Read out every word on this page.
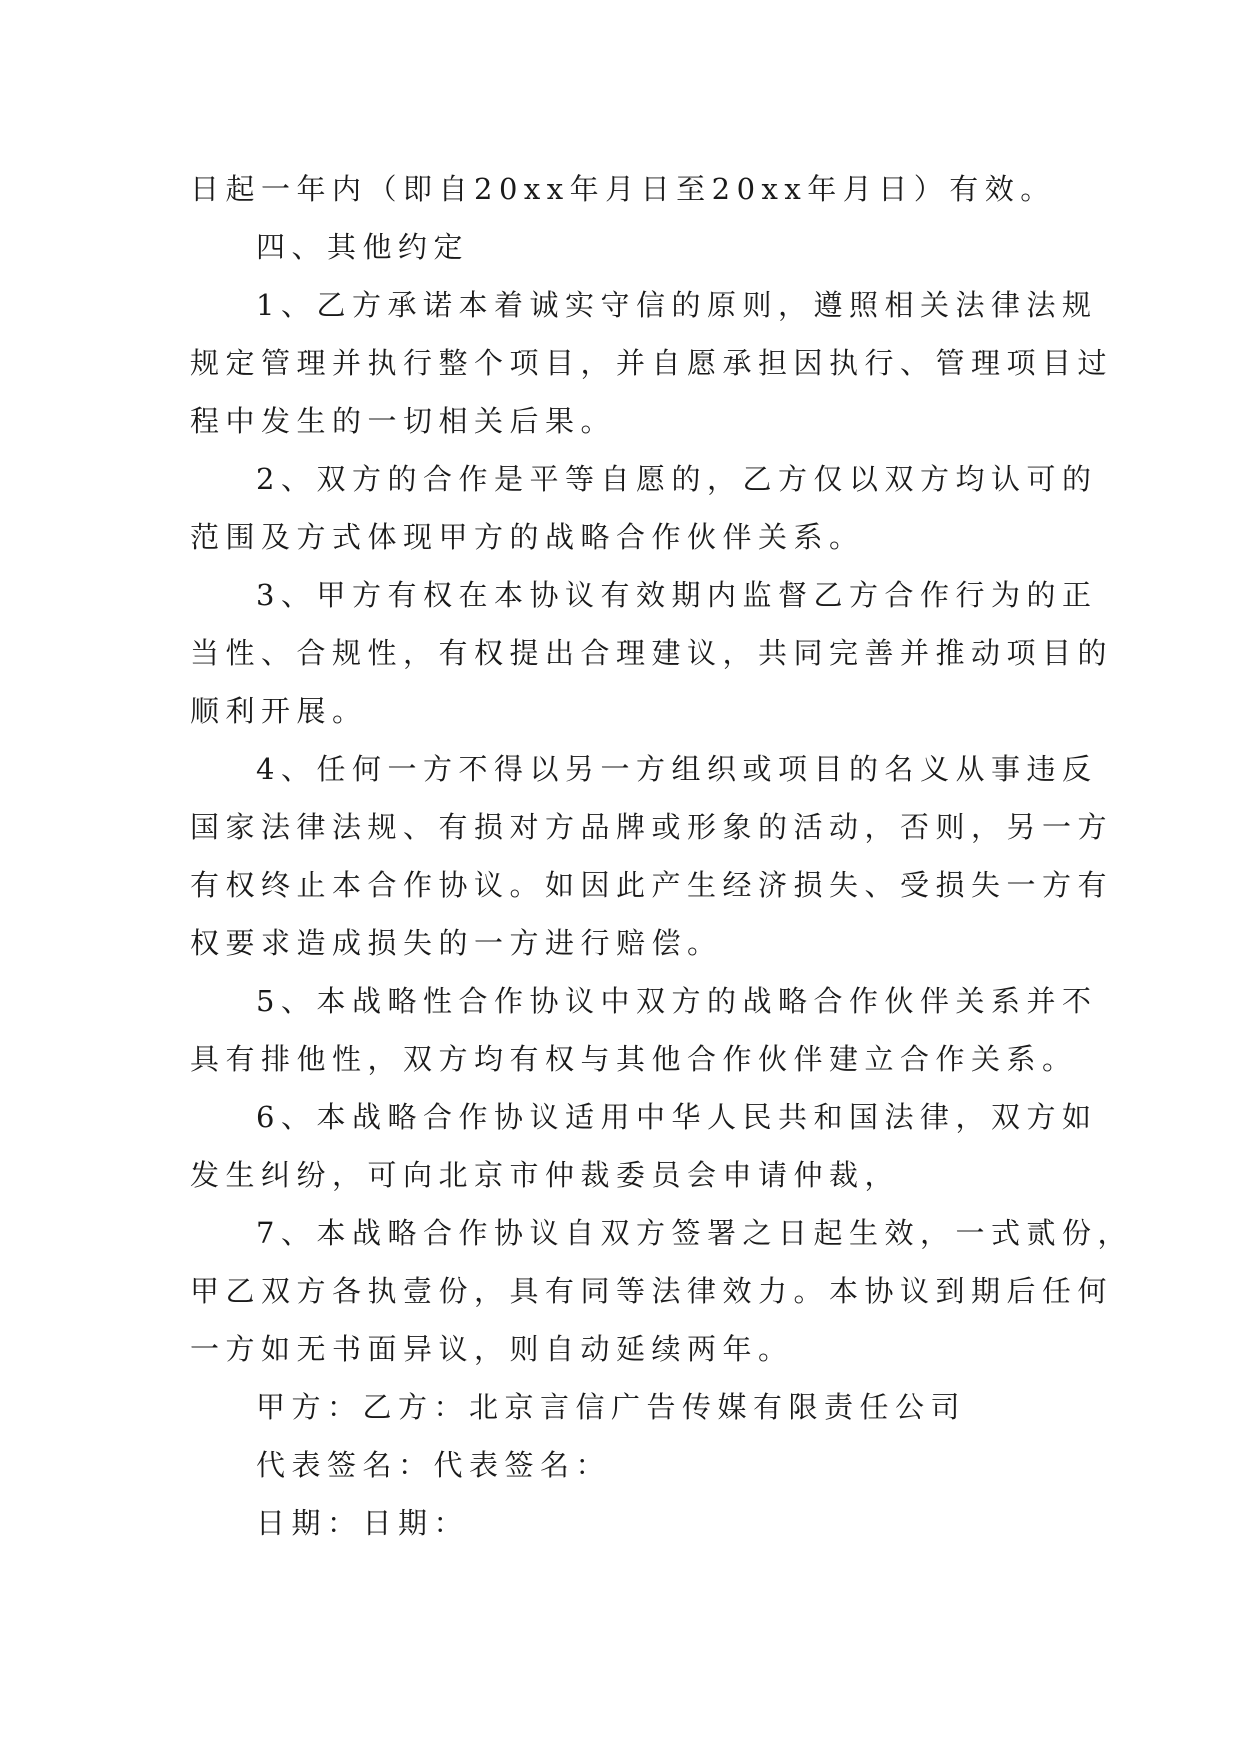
日起一年内（即自20xx年月日至20xx年月日）有效。
四、其他约定
1、乙方承诺本着诚实守信的原则，遵照相关法律法规
规定管理并执行整个项目，并自愿承担因执行、管理项目过
程中发生的一切相关后果。
2、双方的合作是平等自愿的，乙方仅以双方均认可的
范围及方式体现甲方的战略合作伙伴关系。
3、甲方有权在本协议有效期内监督乙方合作行为的正
当性、合规性，有权提出合理建议，共同完善并推动项目的
顺利开展。
4、任何一方不得以另一方组织或项目的名义从事违反
国家法律法规、有损对方品牌或形象的活动，否则，另一方
有权终止本合作协议。如因此产生经济损失、受损失一方有
权要求造成损失的一方进行赔偿。
5、本战略性合作协议中双方的战略合作伙伴关系并不
具有排他性，双方均有权与其他合作伙伴建立合作关系。
6、本战略合作协议适用中华人民共和国法律，双方如
发生纠纷，可向北京市仲裁委员会申请仲裁，
7、本战略合作协议自双方签署之日起生效，一式贰份，
甲乙双方各执壹份，具有同等法律效力。本协议到期后任何
一方如无书面异议，则自动延续两年。
甲方：乙方：北京言信广告传媒有限责任公司
代表签名：代表签名：
日期：日期：
